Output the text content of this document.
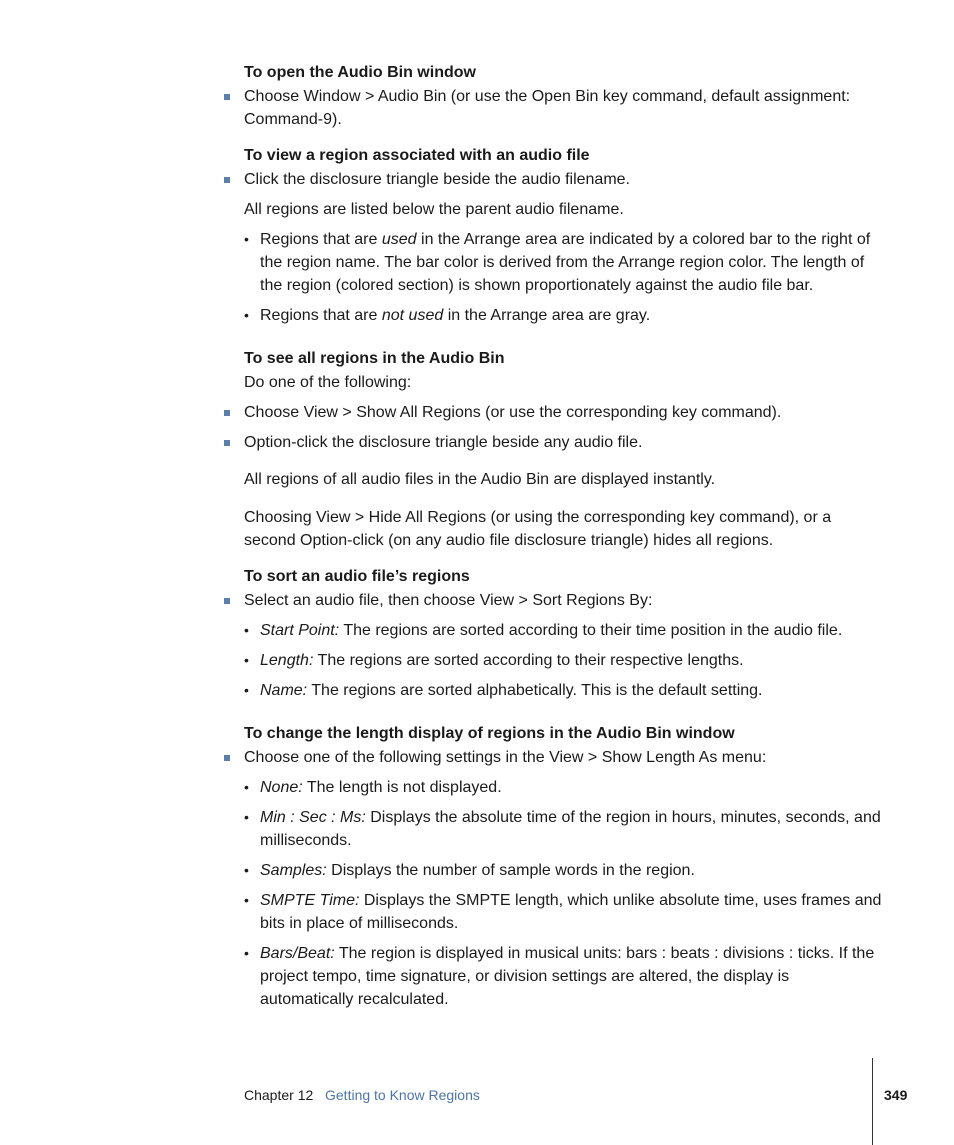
To open the Audio Bin window
Choose Window > Audio Bin (or use the Open Bin key command, default assignment: Command-9).
To view a region associated with an audio file
Click the disclosure triangle beside the audio filename.
All regions are listed below the parent audio filename.
• Regions that are used in the Arrange area are indicated by a colored bar to the right of the region name. The bar color is derived from the Arrange region color. The length of the region (colored section) is shown proportionately against the audio file bar.
• Regions that are not used in the Arrange area are gray.
To see all regions in the Audio Bin
Do one of the following:
Choose View > Show All Regions (or use the corresponding key command).
Option-click the disclosure triangle beside any audio file.
All regions of all audio files in the Audio Bin are displayed instantly.
Choosing View > Hide All Regions (or using the corresponding key command), or a second Option-click (on any audio file disclosure triangle) hides all regions.
To sort an audio file’s regions
Select an audio file, then choose View > Sort Regions By:
• Start Point: The regions are sorted according to their time position in the audio file.
• Length: The regions are sorted according to their respective lengths.
• Name: The regions are sorted alphabetically. This is the default setting.
To change the length display of regions in the Audio Bin window
Choose one of the following settings in the View > Show Length As menu:
• None: The length is not displayed.
• Min : Sec : Ms: Displays the absolute time of the region in hours, minutes, seconds, and milliseconds.
• Samples: Displays the number of sample words in the region.
• SMPTE Time: Displays the SMPTE length, which unlike absolute time, uses frames and bits in place of milliseconds.
• Bars/Beat: The region is displayed in musical units: bars : beats : divisions : ticks. If the project tempo, time signature, or division settings are altered, the display is automatically recalculated.
Chapter 12 Getting to Know Regions	349
